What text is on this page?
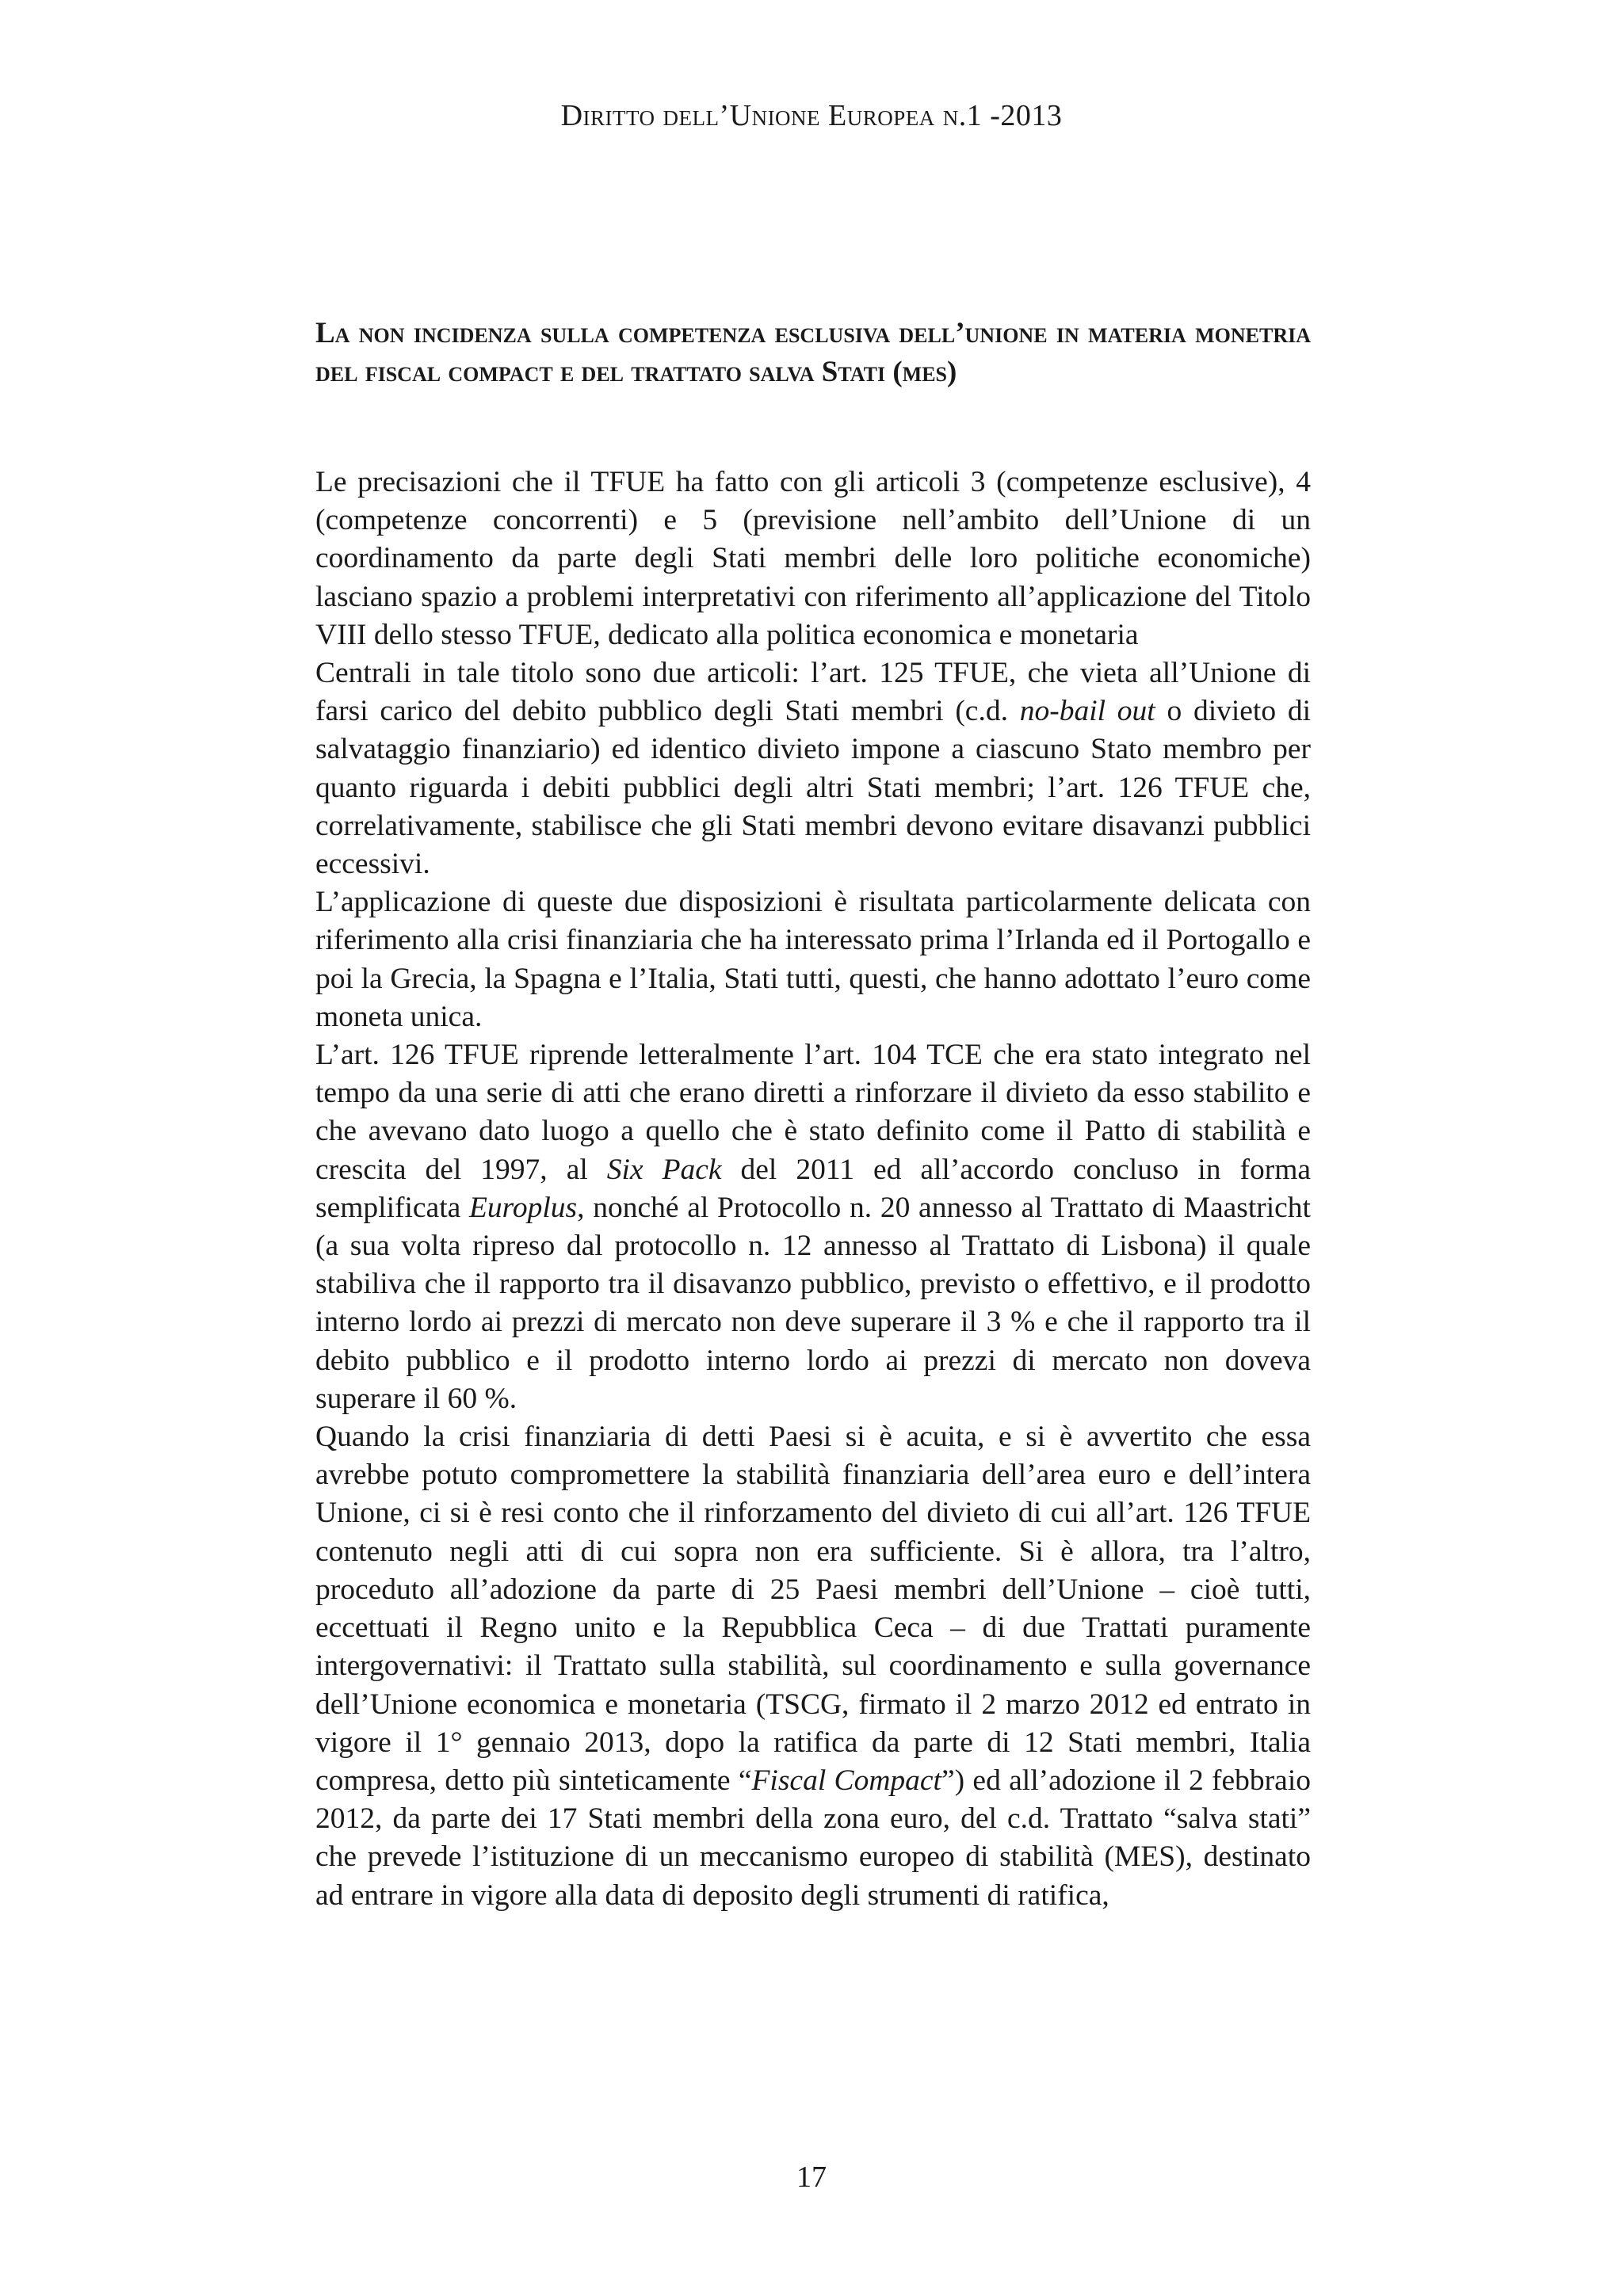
Diritto dell’Unione Europea n.1 -2013
La non incidenza sulla competenza esclusiva dell’unione in materia monetria del fiscal compact e del trattato salva Stati (mes)

Le precisazioni che il TFUE ha fatto con gli articoli 3 (competenze esclusive), 4 (competenze concorrenti) e 5 (previsione nell’ambito dell’Unione di un coordinamento da parte degli Stati membri delle loro politiche economiche) lasciano spazio a problemi interpretativi con riferimento all’applicazione del Titolo VIII dello stesso TFUE, dedicato alla politica economica e monetaria

Centrali in tale titolo sono due articoli: l’art. 125 TFUE, che vieta all’Unione di farsi carico del debito pubblico degli Stati membri (c.d. no-bail out o divieto di salvataggio finanziario) ed identico divieto impone a ciascuno Stato membro per quanto riguarda i debiti pubblici degli altri Stati membri; l’art. 126 TFUE che, correlativamente, stabilisce che gli Stati membri devono evitare disavanzi pubblici eccessivi.

L’applicazione di queste due disposizioni è risultata particolarmente delicata con riferimento alla crisi finanziaria che ha interessato prima l’Irlanda ed il Portogallo e poi la Grecia, la Spagna e l’Italia, Stati tutti, questi, che hanno adottato l’euro come moneta unica.

L’art. 126 TFUE riprende letteralmente l’art. 104 TCE che era stato integrato nel tempo da una serie di atti che erano diretti a rinforzare il divieto da esso stabilito e che avevano dato luogo a quello che è stato definito come il Patto di stabilità e crescita del 1997, al Six Pack del 2011 ed all’accordo concluso in forma semplificata Europlus, nonché al Protocollo n. 20 annesso al Trattato di Maastricht (a sua volta ripreso dal protocollo n. 12 annesso al Trattato di Lisbona) il quale stabiliva che il rapporto tra il disavanzo pubblico, previsto o effettivo, e il prodotto interno lordo ai prezzi di mercato non deve superare il 3 % e che il rapporto tra il debito pubblico e il prodotto interno lordo ai prezzi di mercato non doveva superare il 60 %.

Quando la crisi finanziaria di detti Paesi si è acuita, e si è avvertito che essa avrebbe potuto compromettere la stabilità finanziaria dell’area euro e dell’intera Unione, ci si è resi conto che il rinforzamento del divieto di cui all’art. 126 TFUE contenuto negli atti di cui sopra non era sufficiente. Si è allora, tra l’altro, proceduto all’adozione da parte di 25 Paesi membri dell’Unione – cioè tutti, eccettuati il Regno unito e la Repubblica Ceca – di due Trattati puramente intergovernativi: il Trattato sulla stabilità, sul coordinamento e sulla governance dell’Unione economica e monetaria (TSCG, firmato il 2 marzo 2012 ed entrato in vigore il 1° gennaio 2013, dopo la ratifica da parte di 12 Stati membri, Italia compresa, detto più sinteticamente “Fiscal Compact”) ed all’adozione il 2 febbraio 2012, da parte dei 17 Stati membri della zona euro, del c.d. Trattato “salva stati” che prevede l’istituzione di un meccanismo europeo di stabilità (MES), destinato ad entrare in vigore alla data di deposito degli strumenti di ratifica,

17
